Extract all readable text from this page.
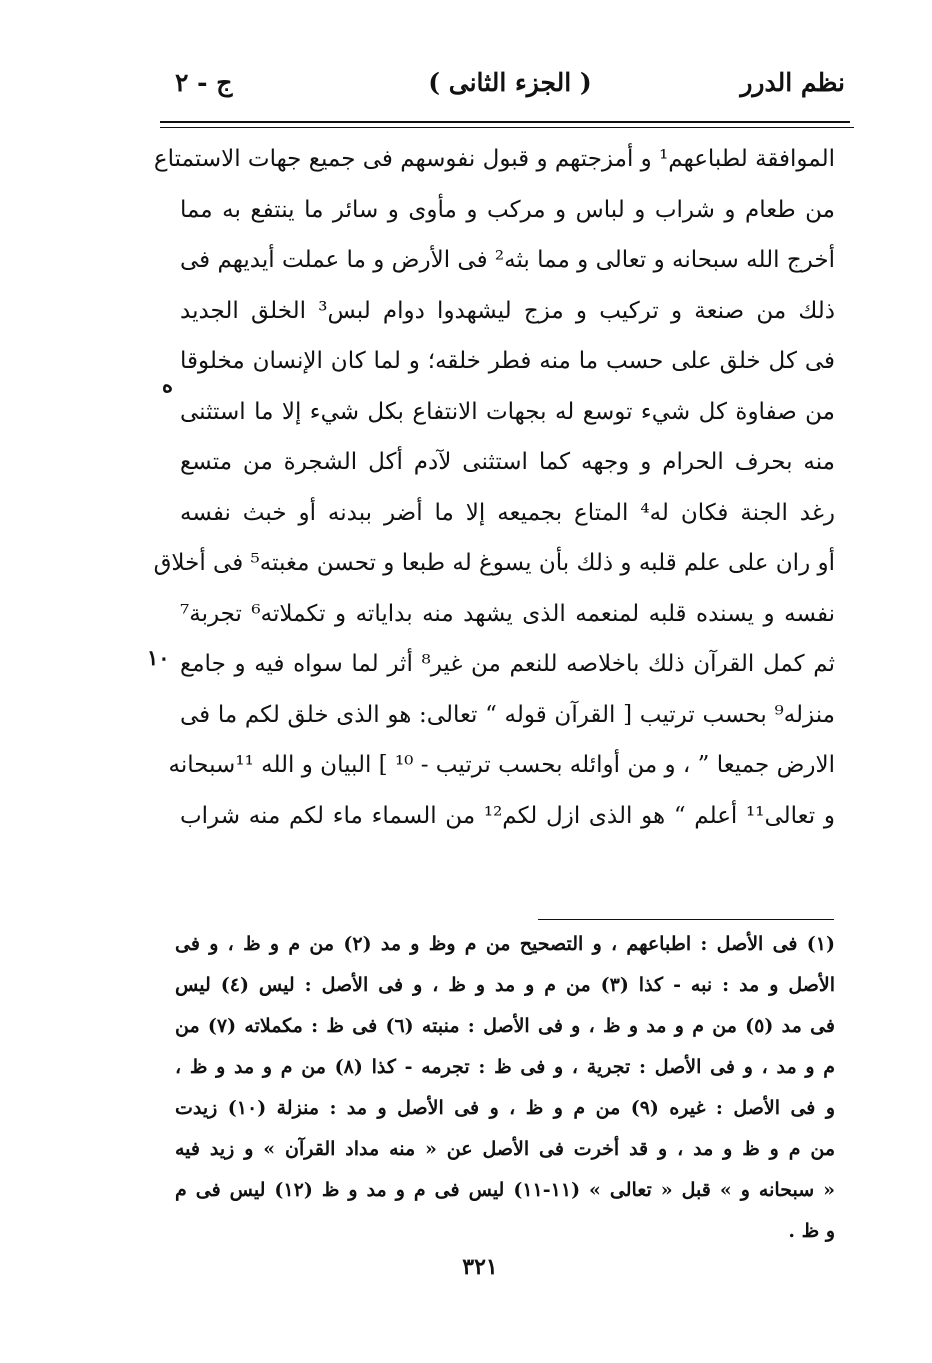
نظم الدرر
( الجزء الثانى )
ج - ٢
ه
١٠
الموافقة لطباعهم¹ و أمزجتهم و قبول نفوسهم فى جميع جهات الاستمتاع
من طعام و شراب و لباس و مركب و مأوى و سائر ما ينتفع به مما
أخرج الله سبحانه و تعالى و مما بثه² فى الأرض و ما عملت أيديهم فى
ذلك من صنعة و تركيب و مزج ليشهدوا دوام لبس³ الخلق الجديد
فى كل خلق على حسب ما منه فطر خلقه؛ و لما كان الإنسان مخلوقا
من صفاوة كل شيء توسع له بجهات الانتفاع بكل شيء إلا ما استثنى
منه بحرف الحرام و وجهه كما استثنى لآدم أكل الشجرة من متسع
رغد الجنة فكان له⁴ المتاع بجميعه إلا ما أضر ببدنه أو خبث نفسه
أو ران على علم قلبه و ذلك بأن يسوغ له طبعا و تحسن مغبته⁵ فى أخلاق
نفسه و يسنده قلبه لمنعمه الذى يشهد منه بداياته و تكملاته⁶ تجربة⁷
ثم كمل القرآن ذلك باخلاصه للنعم من غير⁸ أثر لما سواه فيه و جامع
منزله⁹ بحسب ترتيب [ القرآن قوله “ تعالى: هو الذى خلق لكم ما فى
الارض جميعا ” ، و من أوائله بحسب ترتيب - ¹⁰ ] البيان و الله ¹¹سبحانه
و تعالى¹¹ أعلم “ هو الذى ازل لكم¹² من السماء ماء لكم منه شراب
(١) فى الأصل : اطباعهم ، و التصحيح من م وظ و مد (٢) من م و ظ ، و فى
الأصل و مد : نبه - كذا (٣) من م و مد و ظ ، و فى الأصل : ليس (٤) ليس
فى مد (٥) من م و مد و ظ ، و فى الأصل : منبته (٦) فى ظ : مكملاته (٧) من
م و مد ، و فى الأصل : تجرية ، و فى ظ : تجرمه - كذا (٨) من م و مد و ظ ،
و فى الأصل : غيره (٩) من م و ظ ، و فى الأصل و مد : منزلة (١٠) زيدت
من م و ظ و مد ، و قد أخرت فى الأصل عن « منه مداد القرآن » و زيد فيه
« سبحانه و » قبل « تعالى » (١١-١١) ليس فى م و مد و ظ (١٢) ليس فى م
و ظ .
٣٢١
